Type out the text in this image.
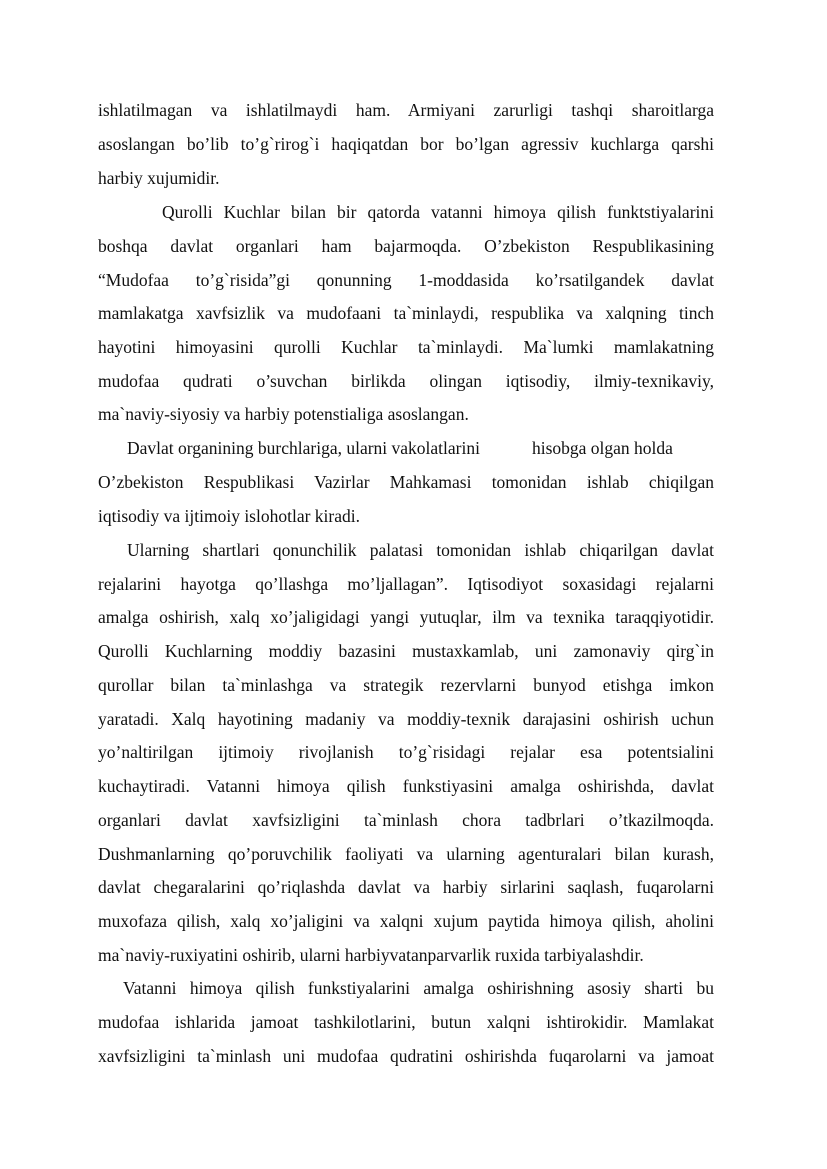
ishlatilmagan va ishlatilmaydi ham. Armiyani zarurligi tashqi sharoitlarga
asoslangan bo’lib to’g`rirog`i haqiqatdan bor bo’lgan agressiv kuchlarga qarshi
harbiy xujumidir.
Qurolli Kuchlar bilan bir qatorda vatanni himoya qilish funktstiyalarini
boshqa davlat organlari ham bajarmoqda. O’zbekiston Respublikasining
“Mudofaa to’g`risida”gi qonunning 1-moddasida ko’rsatilgandek davlat
mamlakatga xavfsizlik va mudofaani ta`minlaydi, respublika va xalqning tinch
hayotini himoyasini qurolli Kuchlar ta`minlaydi. Ma`lumki mamlakatning
mudofaa qudrati o’suvchan birlikda olingan iqtisodiy, ilmiy-texnikaviy,
ma`naviy-siyosiy va harbiy potenstialiga asoslangan.
Davlat organining burchlariga, ularni vakolatlarini	hisobga olgan holda
O’zbekiston Respublikasi Vazirlar Mahkamasi tomonidan ishlab chiqilgan
iqtisodiy va ijtimoiy islohotlar kiradi.
Ularning shartlari qonunchilik palatasi tomonidan ishlab chiqarilgan davlat
rejalarini hayotga qo’llashga mo’ljallagan”. Iqtisodiyot soxasidagi rejalarni
amalga oshirish, xalq xo’jaligidagi yangi yutuqlar, ilm va texnika taraqqiyotidir.
Qurolli Kuchlarning moddiy bazasini mustaxkamlab, uni zamonaviy qirg`in
qurollar bilan ta`minlashga va strategik rezervlarni bunyod etishga imkon
yaratadi. Xalq hayotining madaniy va moddiy-texnik darajasini oshirish uchun
yo’naltirilgan ijtimoiy rivojlanish to’g`risidagi rejalar esa potentsialini
kuchaytiradi. Vatanni himoya qilish funkstiyasini amalga oshirishda, davlat
organlari davlat xavfsizligini ta`minlash chora tadbrlari o’tkazilmoqda.
Dushmanlarning qo’poruvchilik faoliyati va ularning agenturalari bilan kurash,
davlat chegaralarini qo’riqlashda davlat va harbiy sirlarini saqlash, fuqarolarni
muxofaza qilish, xalq xo’jaligini va xalqni xujum paytida himoya qilish, aholini
ma`naviy-ruxiyatini oshirib, ularni harbiyvatanparvarlik ruxida tarbiyalashdir.
Vatanni himoya qilish funkstiyalarini amalga oshirishning asosiy sharti bu
mudofaa ishlarida jamoat tashkilotlarini, butun xalqni ishtirokidir. Mamlakat
xavfsizligini ta`minlash uni mudofaa qudratini oshirishda fuqarolarni va jamoat
